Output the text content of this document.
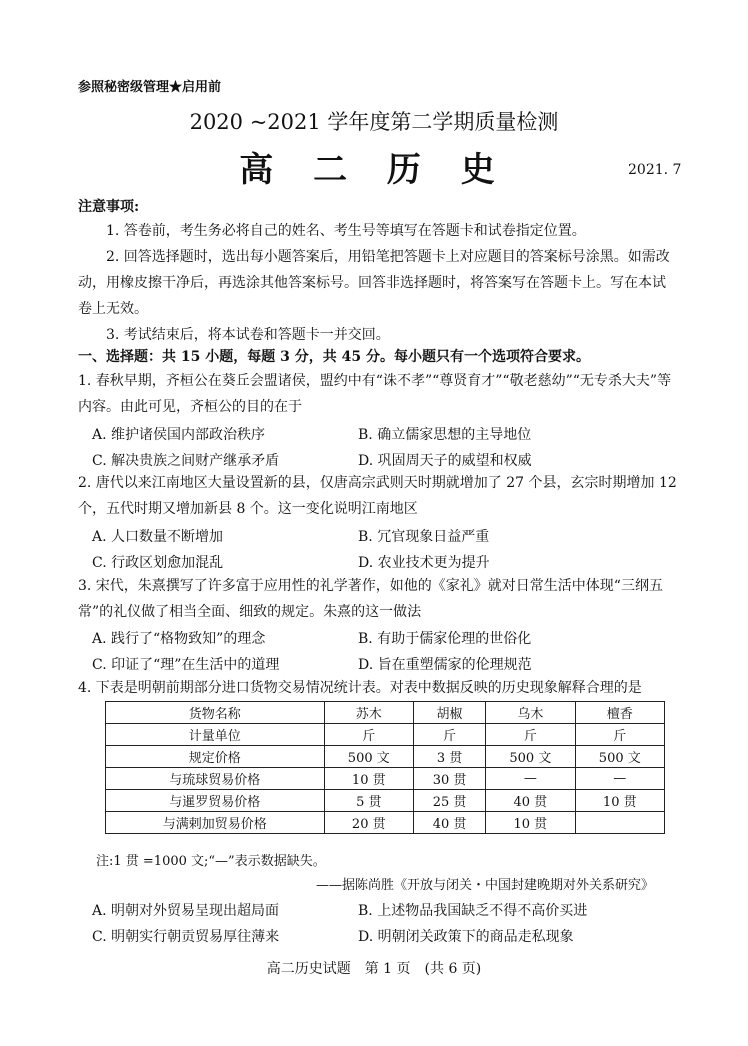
参照秘密级管理★启用前
2020 ~2021 学年度第二学期质量检测
高 二 历 史	2021. 7
注意事项:
1. 答卷前，考生务必将自己的姓名、考生号等填写在答题卡和试卷指定位置。
2. 回答选择题时，选出每小题答案后，用铅笔把答题卡上对应题目的答案标号涂黑。如需改动，用橡皮擦干净后，再选涂其他答案标号。回答非选择题时，将答案写在答题卡上。写在本试卷上无效。
3. 考试结束后，将本试卷和答题卡一并交回。
一、选择题：共 15 小题，每题 3 分，共 45 分。每小题只有一个选项符合要求。
1. 春秋早期，齐桓公在葵丘会盟诸侯，盟约中有“诛不孝”“尊贤育才”“敬老慈幼”“无专杀大夫”等内容。由此可见，齐桓公的目的在于
A. 维护诸侯国内部政治秩序	B. 确立儒家思想的主导地位
C. 解决贵族之间财产继承矛盾	D. 巩固周天子的威望和权威
2. 唐代以来江南地区大量设置新的县，仅唐高宗武则天时期就增加了 27 个县，玄宗时期增加 12 个，五代时期又增加新县 8 个。这一变化说明江南地区
A. 人口数量不断增加	B. 冗官现象日益严重
C. 行政区划愈加混乱	D. 农业技术更为提升
3. 宋代，朱熹撰写了许多富于应用性的礼学著作，如他的《家礼》就对日常生活中体现“三纲五常”的礼仪做了相当全面、细致的规定。朱熹的这一做法
A. 践行了“格物致知”的理念	B. 有助于儒家伦理的世俗化
C. 印证了“理”在生活中的道理	D. 旨在重塑儒家的伦理规范
4. 下表是明朝前期部分进口货物交易情况统计表。对表中数据反映的历史现象解释合理的是
货物名称	苏木	胡椒	乌木	檀香
计量单位	斤	斤	斤	斤
规定价格	500 文	3 贯	500 文	500 文
与琉球贸易价格	10 贯	30 贯	—	—
与暹罗贸易价格	5 贯	25 贯	40 贯	10 贯
与满剌加贸易价格	20 贯	40 贯	10 贯	
注:1 贯 =1000 文;“—”表示数据缺失。
——据陈尚胜《开放与闭关・中国封建晚期对外关系研究》
A. 明朝对外贸易呈现出超局面	B. 上述物品我国缺乏不得不高价买进
C. 明朝实行朝贡贸易厚往薄来	D. 明朝闭关政策下的商品走私现象
高二历史试题　第 1 页　(共 6 页)
